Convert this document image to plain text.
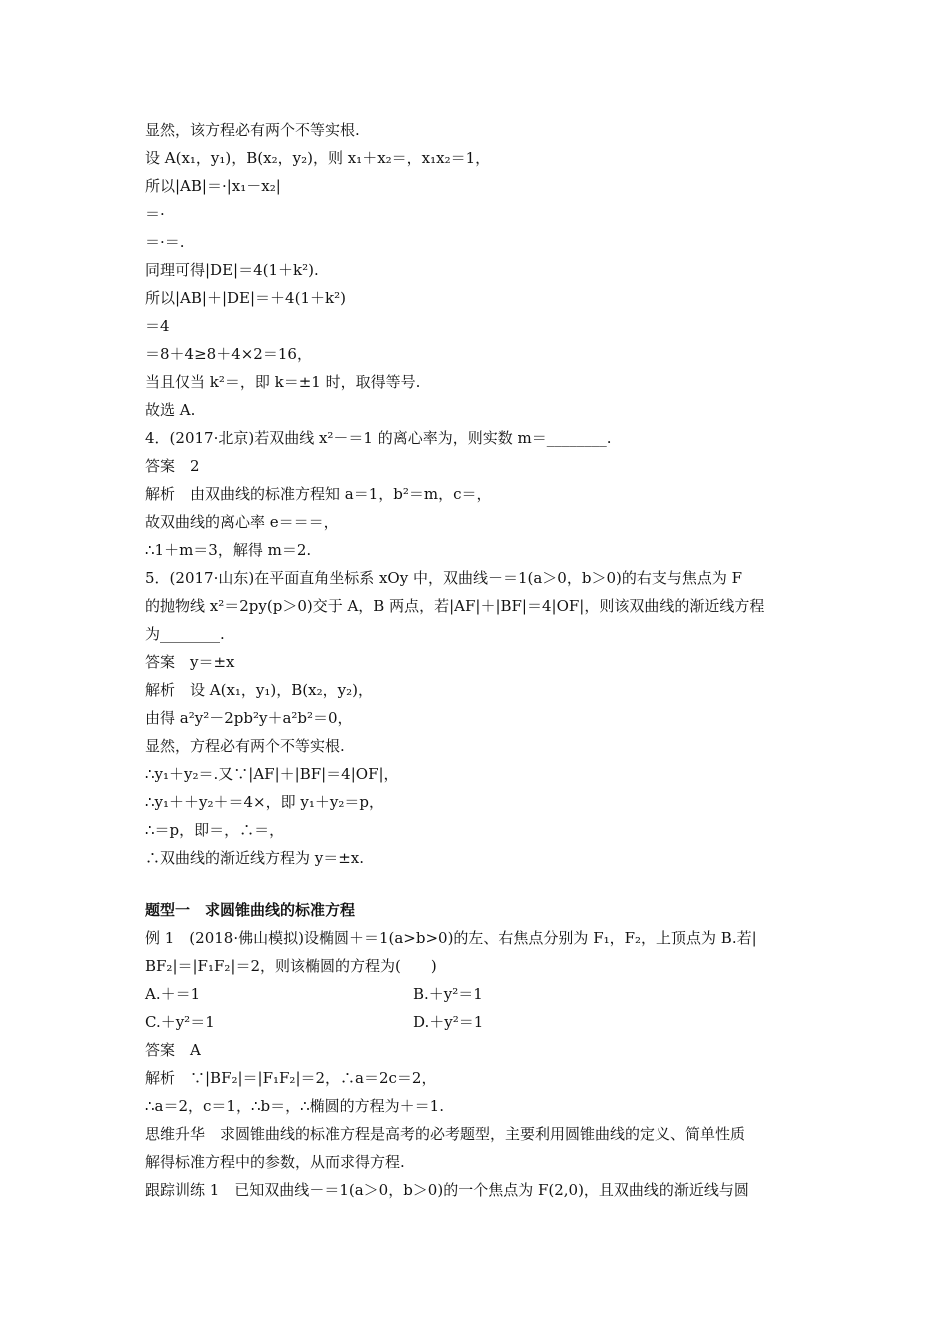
显然，该方程必有两个不等实根.
设 A(x₁，y₁)，B(x₂，y₂)，则 x₁＋x₂＝，x₁x₂＝1，
所以|AB|＝·|x₁－x₂|
＝·
＝·＝.
同理可得|DE|＝4(1＋k²).
所以|AB|＋|DE|＝＋4(1＋k²)
＝4
＝8＋4≥8＋4×2＝16，
当且仅当 k²＝，即 k＝±1 时，取得等号.
故选 A.
4．(2017·北京)若双曲线 x²－＝1 的离心率为，则实数 m＝________.
答案　2
解析　由双曲线的标准方程知 a＝1，b²＝m，c＝，
故双曲线的离心率 e＝＝＝，
∴1＋m＝3，解得 m＝2.
5．(2017·山东)在平面直角坐标系 xOy 中，双曲线－＝1(a＞0，b＞0)的右支与焦点为 F
的抛物线 x²＝2py(p＞0)交于 A，B 两点，若|AF|＋|BF|＝4|OF|，则该双曲线的渐近线方程
为________.
答案　y＝±x
解析　设 A(x₁，y₁)，B(x₂，y₂)，
由得 a²y²－2pb²y＋a²b²＝0，
显然，方程必有两个不等实根.
∴y₁＋y₂＝.又∵|AF|＋|BF|＝4|OF|，
∴y₁＋＋y₂＋＝4×，即 y₁＋y₂＝p，
∴＝p，即＝，∴＝，
∴双曲线的渐近线方程为 y＝±x.
题型一　求圆锥曲线的标准方程
例 1　(2018·佛山模拟)设椭圆＋＝1(a>b>0)的左、右焦点分别为 F₁，F₂，上顶点为 B.若|
BF₂|＝|F₁F₂|＝2，则该椭圆的方程为(　　)
A.＋＝1	B.＋y²＝1
C.＋y²＝1	D.＋y²＝1
答案　A
解析　∵|BF₂|＝|F₁F₂|＝2，∴a＝2c＝2，
∴a＝2，c＝1，∴b＝，∴椭圆的方程为＋＝1.
思维升华　求圆锥曲线的标准方程是高考的必考题型，主要利用圆锥曲线的定义、简单性质
解得标准方程中的参数，从而求得方程.
跟踪训练 1　已知双曲线－＝1(a＞0，b＞0)的一个焦点为 F(2,0)，且双曲线的渐近线与圆
